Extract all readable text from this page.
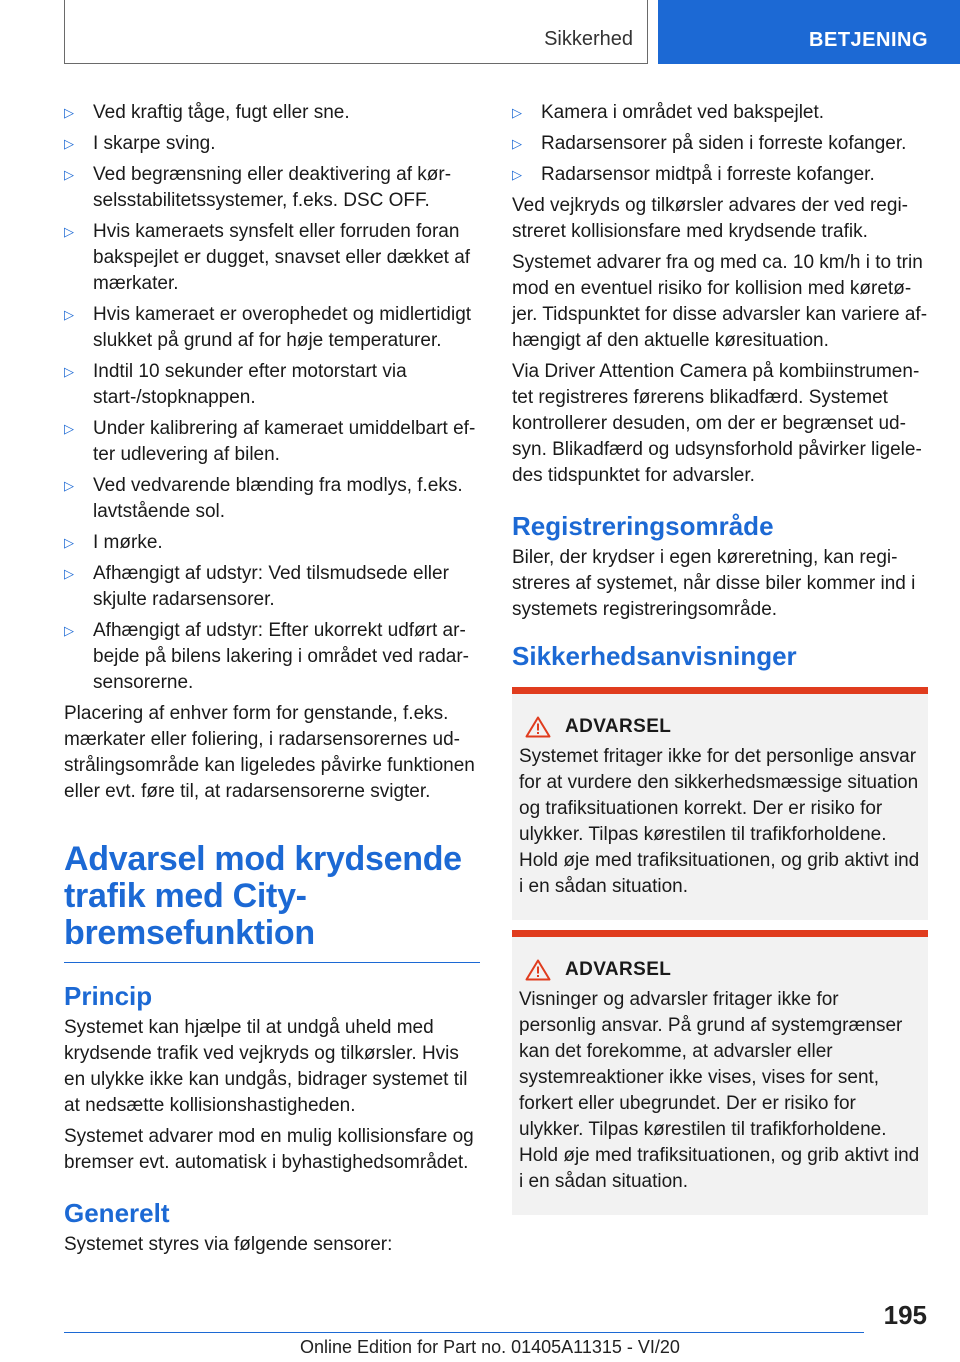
Sikkerhed	BETJENING
▷ Ved kraftig tåge, fugt eller sne.
▷ I skarpe sving.
▷ Ved begrænsning eller deaktivering af kørselsstabilitetssystemer, f.eks. DSC OFF.
▷ Hvis kameraets synsfelt eller forruden foran bakspejlet er dugget, snavset eller dækket af mærkater.
▷ Hvis kameraet er overophedet og midlertidigt slukket på grund af for høje temperaturer.
▷ Indtil 10 sekunder efter motorstart via start-/stopknappen.
▷ Under kalibrering af kameraet umiddelbart efter udlevering af bilen.
▷ Ved vedvarende blænding fra modlys, f.eks. lavtstående sol.
▷ I mørke.
▷ Afhængigt af udstyr: Ved tilsmudsede eller skjulte radarsensorer.
▷ Afhængigt af udstyr: Efter ukorrekt udført arbejde på bilens lakering i området ved radarsensorerne.

Placering af enhver form for genstande, f.eks. mærkater eller foliering, i radarsensorernes udstrålingsområde kan ligeledes påvirke funktionen eller evt. føre til, at radarsensorerne svigter.

Advarsel mod krydsende trafik med City-bremsefunktion
Princip

Systemet kan hjælpe til at undgå uheld med krydsende trafik ved vejkryds og tilkørsler. Hvis en ulykke ikke kan undgås, bidrager systemet til at nedsætte kollisionshastigheden.

Systemet advarer mod en mulig kollisionsfare og bremser evt. automatisk i byhastighedsområdet.

Generelt

Systemet styres via følgende sensorer:

▷ Kamera i området ved bakspejlet.
▷ Radarsensorer på siden i forreste kofanger.
▷ Radarsensor midtpå i forreste kofanger.

Ved vejkryds og tilkørsler advares der ved registreret kollisionsfare med krydsende trafik.

Systemet advarer fra og med ca. 10 km/h i to trin mod en eventuel risiko for kollision med køretøjer. Tidspunktet for disse advarsler kan variere afhængigt af den aktuelle køresituation.

Via Driver Attention Camera på kombiinstrumentet registreres førerens blikadfærd. Systemet kontrollerer desuden, om der er begrænset udsyn. Blikadfærd og udsynsforhold påvirker ligeledes tidspunktet for advarsler.

Registreringsområde

Biler, der krydser i egen køreretning, kan registreres af systemet, når disse biler kommer ind i systemets registreringsområde.

Sikkerhedsanvisninger
ADVARSEL

Systemet fritager ikke for det personlige ansvar for at vurdere den sikkerhedsmæssige situation og trafiksituationen korrekt. Der er risiko for ulykker. Tilpas kørestilen til trafikforholdene. Hold øje med trafiksituationen, og grib aktivt ind i en sådan situation.

ADVARSEL

Visninger og advarsler fritager ikke for personlig ansvar. På grund af systemgrænser kan det forekomme, at advarsler eller systemreaktioner ikke vises, vises for sent, forkert eller ubegrundet. Der er risiko for ulykker. Tilpas kørestilen til trafikforholdene. Hold øje med trafiksituationen, og grib aktivt ind i en sådan situation.

195
Online Edition for Part no. 01405A11315 - VI/20
